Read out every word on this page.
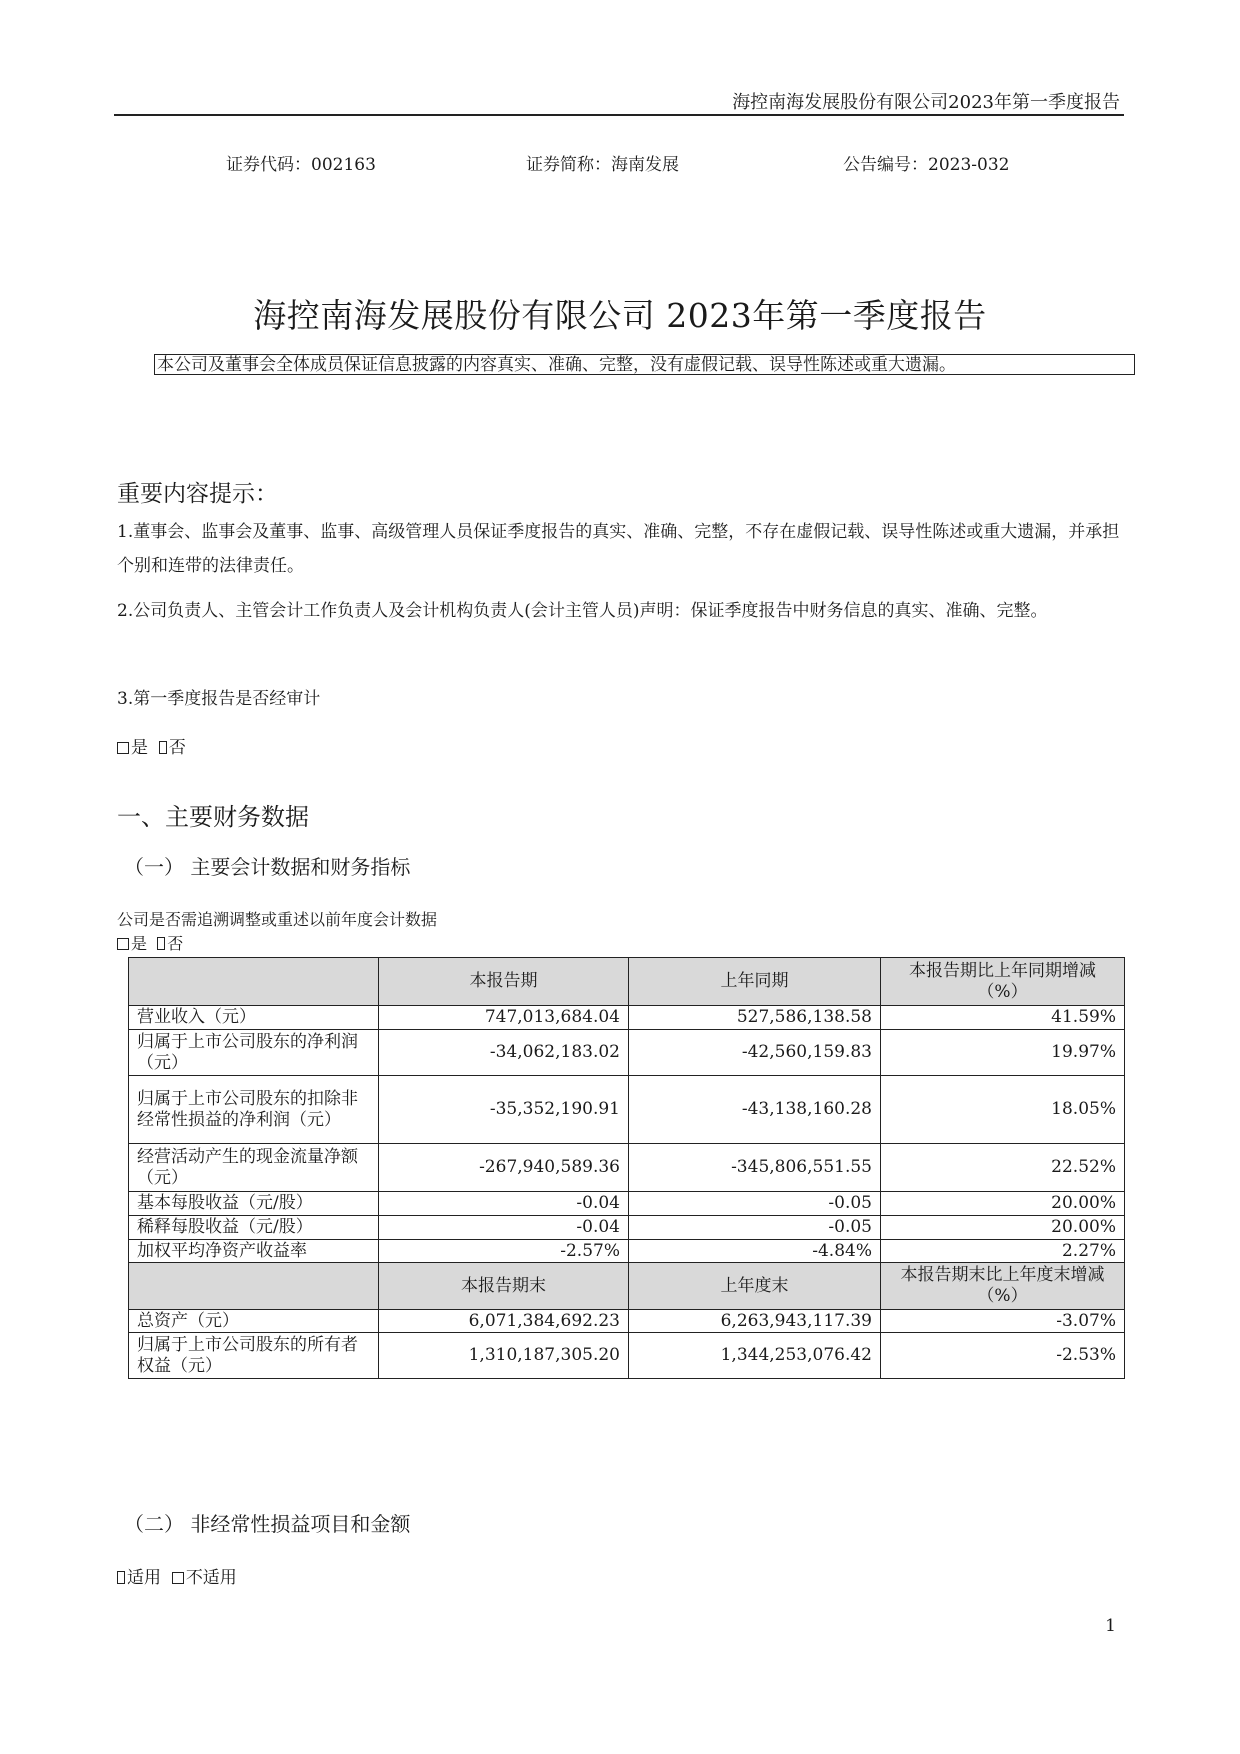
海控南海发展股份有限公司2023年第一季度报告
证券代码：002163	证券简称：海南发展	公告编号：2023-032
海控南海发展股份有限公司 2023年第一季度报告
本公司及董事会全体成员保证信息披露的内容真实、准确、完整，没有虚假记载、误导性陈述或重大遗漏。
重要内容提示：
1.董事会、监事会及董事、监事、高级管理人员保证季度报告的真实、准确、完整，不存在虚假记载、误导性陈述或重大遗漏，并承担个别和连带的法律责任。
2.公司负责人、主管会计工作负责人及会计机构负责人(会计主管人员)声明：保证季度报告中财务信息的真实、准确、完整。
3.第一季度报告是否经审计
是 否
一、主要财务数据
（一） 主要会计数据和财务指标
公司是否需追溯调整或重述以前年度会计数据
是 否
	本报告期	上年同期	本报告期比上年同期增减（%）
营业收入（元）	747,013,684.04	527,586,138.58	41.59%
归属于上市公司股东的净利润（元）	-34,062,183.02	-42,560,159.83	19.97%
归属于上市公司股东的扣除非经常性损益的净利润（元）	-35,352,190.91	-43,138,160.28	18.05%
经营活动产生的现金流量净额（元）	-267,940,589.36	-345,806,551.55	22.52%
基本每股收益（元/股）	-0.04	-0.05	20.00%
稀释每股收益（元/股）	-0.04	-0.05	20.00%
加权平均净资产收益率	-2.57%	-4.84%	2.27%
	本报告期末	上年度末	本报告期末比上年度末增减（%）
总资产（元）	6,071,384,692.23	6,263,943,117.39	-3.07%
归属于上市公司股东的所有者权益（元）	1,310,187,305.20	1,344,253,076.42	-2.53%
（二） 非经常性损益项目和金额
适用 不适用
1
